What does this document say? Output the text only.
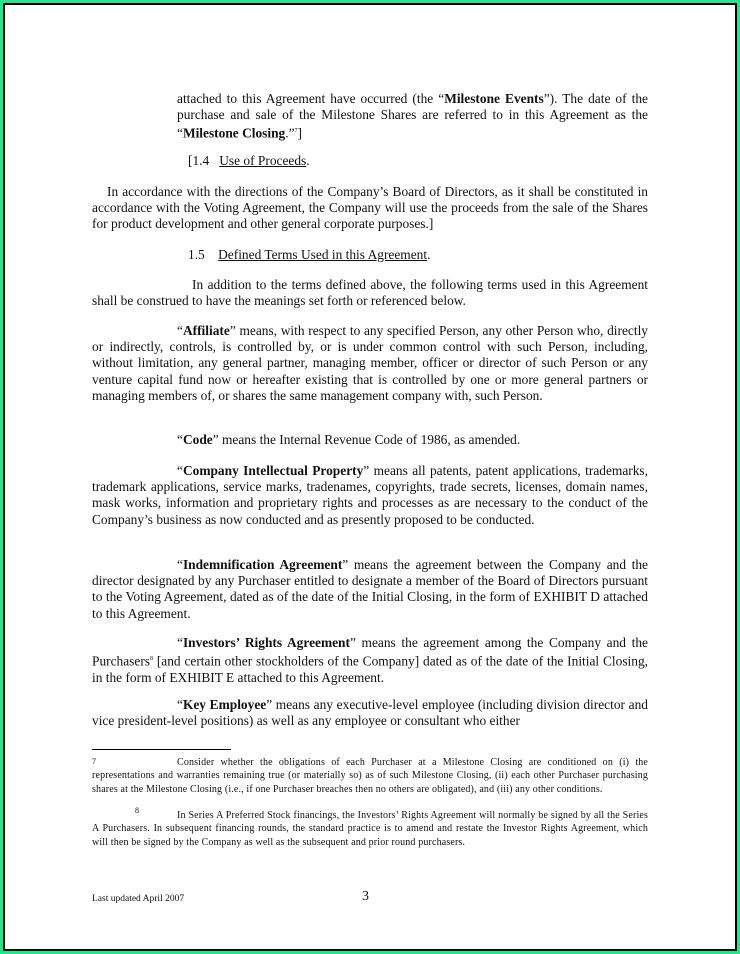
attached to this Agreement have occurred (the “Milestone Events”). The date of the purchase and sale of the Milestone Shares are referred to in this Agreement as the “Milestone Closing.”$^7$]

[1.4 Use of Proceeds.

In accordance with the directions of the Company’s Board of Directors, as it shall be constituted in accordance with the Voting Agreement, the Company will use the proceeds from the sale of the Shares for product development and other general corporate purposes.]

1.5 Defined Terms Used in this Agreement.

In addition to the terms defined above, the following terms used in this Agreement shall be construed to have the meanings set forth or referenced below.

“Affiliate” means, with respect to any specified Person, any other Person who, directly or indirectly, controls, is controlled by, or is under common control with such Person, including, without limitation, any general partner, managing member, officer or director of such Person or any venture capital fund now or hereafter existing that is controlled by one or more general partners or managing members of, or shares the same management company with, such Person.

“Code” means the Internal Revenue Code of 1986, as amended.

“Company Intellectual Property” means all patents, patent applications, trademarks, trademark applications, service marks, tradenames, copyrights, trade secrets, licenses, domain names, mask works, information and proprietary rights and processes as are necessary to the conduct of the Company’s business as now conducted and as presently proposed to be conducted.

“Indemnification Agreement” means the agreement between the Company and the director designated by any Purchaser entitled to designate a member of the Board of Directors pursuant to the Voting Agreement, dated as of the date of the Initial Closing, in the form of EXHIBIT D attached to this Agreement.

“Investors’ Rights Agreement” means the agreement among the Company and the Purchasers$^8$ [and certain other stockholders of the Company] dated as of the date of the Initial Closing, in the form of EXHIBIT E attached to this Agreement.

“Key Employee” means any executive-level employee (including division director and vice president-level positions) as well as any employee or consultant who either

7	Consider whether the obligations of each Purchaser at a Milestone Closing are conditioned on (i) the representations and warranties remaining true (or materially so) as of such Milestone Closing, (ii) each other Purchaser purchasing shares at the Milestone Closing (i.e., if one Purchaser breaches then no others are obligated), and (iii) any other conditions.

8	In Series A Preferred Stock financings, the Investors’ Rights Agreement will normally be signed by all the Series A Purchasers. In subsequent financing rounds, the standard practice is to amend and restate the Investor Rights Agreement, which will then be signed by the Company as well as the subsequent and prior round purchasers.

Last updated April 2007	3
